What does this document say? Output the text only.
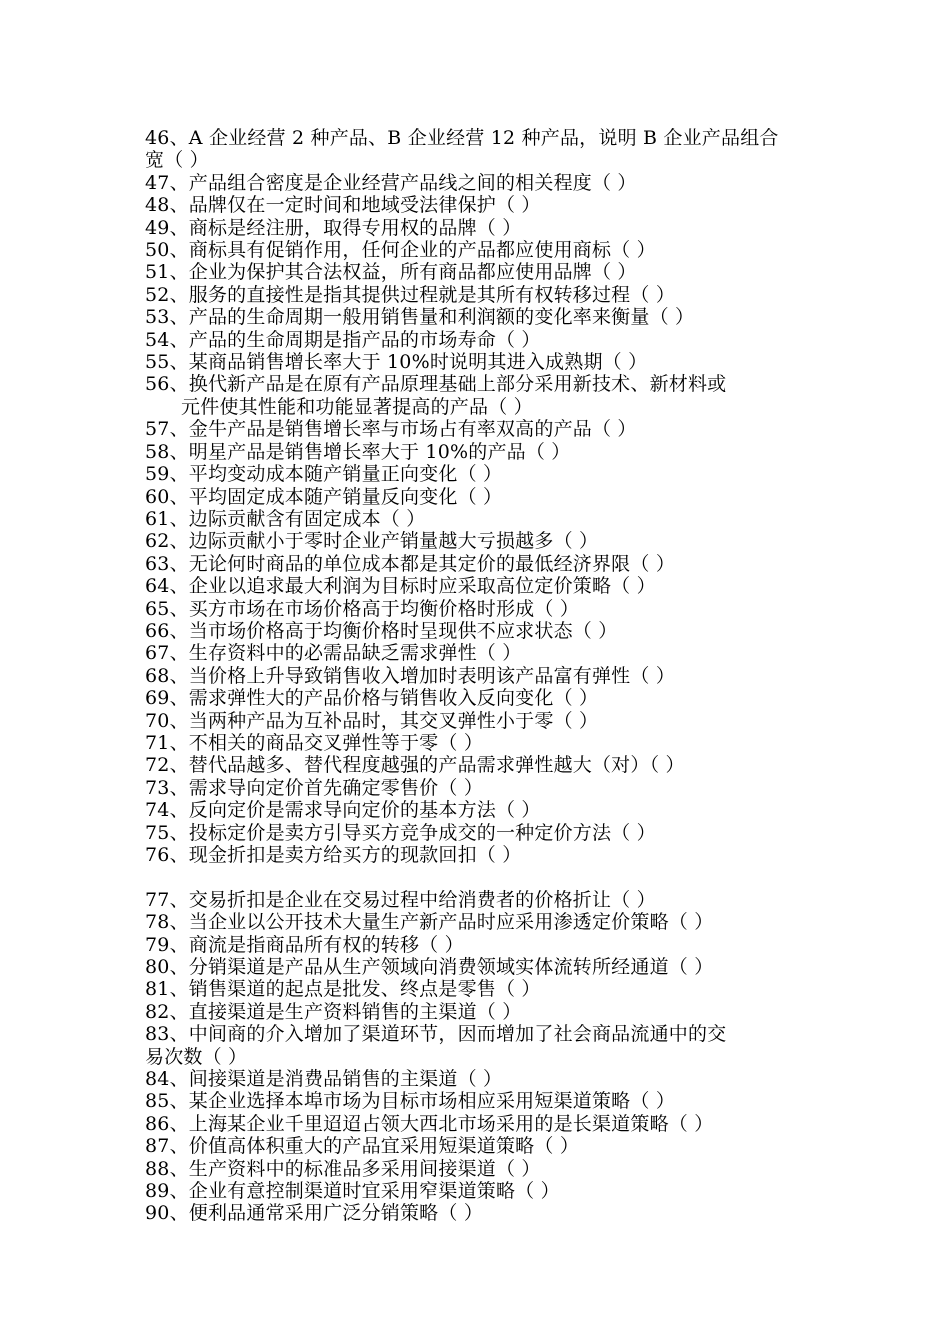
46、A 企业经营 2 种产品、B 企业经营 12 种产品，说明 B 企业产品组合
宽（ ）
47、产品组合密度是企业经营产品线之间的相关程度（ ）
48、品牌仅在一定时间和地域受法律保护（ ）
49、商标是经注册，取得专用权的品牌（ ）
50、商标具有促销作用，任何企业的产品都应使用商标（ ）
51、企业为保护其合法权益，所有商品都应使用品牌（ ）
52、服务的直接性是指其提供过程就是其所有权转移过程（ ）
53、产品的生命周期一般用销售量和利润额的变化率来衡量（ ）
54、产品的生命周期是指产品的市场寿命（ ）
55、某商品销售增长率大于 10%时说明其进入成熟期（ ）
56、换代新产品是在原有产品原理基础上部分采用新技术、新材料或
元件使其性能和功能显著提高的产品（ ）
57、金牛产品是销售增长率与市场占有率双高的产品（ ）
58、明星产品是销售增长率大于 10%的产品（ ）
59、平均变动成本随产销量正向变化（ ）
60、平均固定成本随产销量反向变化（ ）
61、边际贡献含有固定成本（ ）
62、边际贡献小于零时企业产销量越大亏损越多（ ）
63、无论何时商品的单位成本都是其定价的最低经济界限（ ）
64、企业以追求最大利润为目标时应采取高位定价策略（ ）
65、买方市场在市场价格高于均衡价格时形成（ ）
66、当市场价格高于均衡价格时呈现供不应求状态（ ）
67、生存资料中的必需品缺乏需求弹性（ ）
68、当价格上升导致销售收入增加时表明该产品富有弹性（ ）
69、需求弹性大的产品价格与销售收入反向变化（ ）
70、当两种产品为互补品时，其交叉弹性小于零（ ）
71、不相关的商品交叉弹性等于零（ ）
72、替代品越多、替代程度越强的产品需求弹性越大（对）（ ）
73、需求导向定价首先确定零售价（ ）
74、反向定价是需求导向定价的基本方法（ ）
75、投标定价是卖方引导买方竞争成交的一种定价方法（ ）
76、现金折扣是卖方给买方的现款回扣（ ）
77、交易折扣是企业在交易过程中给消费者的价格折让（ ）
78、当企业以公开技术大量生产新产品时应采用渗透定价策略（ ）
79、商流是指商品所有权的转移（ ）
80、分销渠道是产品从生产领域向消费领域实体流转所经通道（ ）
81、销售渠道的起点是批发、终点是零售（ ）
82、直接渠道是生产资料销售的主渠道（ ）
83、中间商的介入增加了渠道环节，因而增加了社会商品流通中的交
易次数（ ）
84、间接渠道是消费品销售的主渠道（ ）
85、某企业选择本埠市场为目标市场相应采用短渠道策略（ ）
86、上海某企业千里迢迢占领大西北市场采用的是长渠道策略（ ）
87、价值高体积重大的产品宜采用短渠道策略（ ）
88、生产资料中的标准品多采用间接渠道（ ）
89、企业有意控制渠道时宜采用窄渠道策略（ ）
90、便利品通常采用广泛分销策略（ ）
